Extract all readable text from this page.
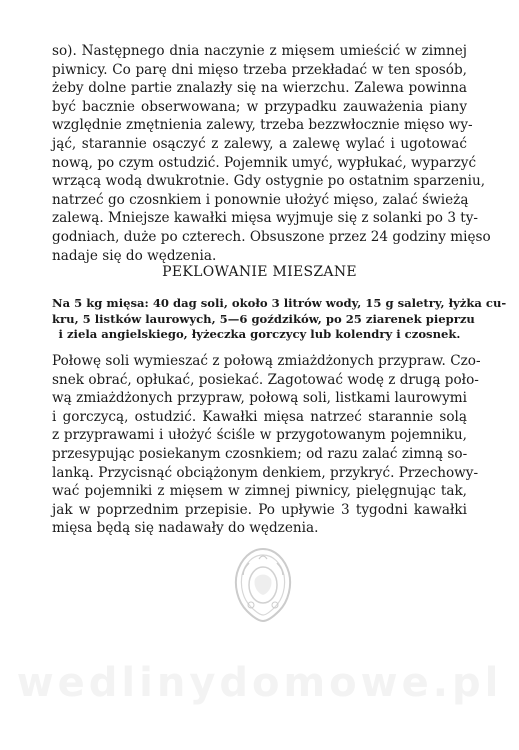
so). Następnego dnia naczynie z mięsem umieścić w zimnej
piwnicy. Co parę dni mięso trzeba przekładać w ten sposób,
żeby dolne partie znalazły się na wierzchu. Zalewa powinna
być bacznie obserwowana; w przypadku zauważenia piany
względnie zmętnienia zalewy, trzeba bezzwłocznie mięso wy-
jąć, starannie osączyć z zalewy, a zalewę wylać i ugotować
nową, po czym ostudzić. Pojemnik umyć, wypłukać, wyparzyć
wrzącą wodą dwukrotnie. Gdy ostygnie po ostatnim sparzeniu,
natrzeć go czosnkiem i ponownie ułożyć mięso, zalać świeżą
zalewą. Mniejsze kawałki mięsa wyjmuje się z solanki po 3 ty-
godniach, duże po czterech. Obsuszone przez 24 godziny mięso
nadaje się do wędzenia.
PEKLOWANIE MIESZANE
Na 5 kg mięsa: 40 dag soli, około 3 litrów wody, 15 g saletry, łyżka cu-
kru, 5 listków laurowych, 5—6 goździków, po 25 ziarenek pieprzu
i ziela angielskiego, łyżeczka gorczycy lub kolendry i czosnek.
Połowę soli wymieszać z połową zmiażdżonych przypraw. Czo-
snek obrać, opłukać, posiekać. Zagotować wodę z drugą poło-
wą zmiażdżonych przypraw, połową soli, listkami laurowymi
i gorczycą, ostudzić. Kawałki mięsa natrzeć starannie solą
z przyprawami i ułożyć ściśle w przygotowanym pojemniku,
przesypując posiekanym czosnkiem; od razu zalać zimną so-
lanką. Przycisnąć obciążonym denkiem, przykryć. Przechowy-
wać pojemniki z mięsem w zimnej piwnicy, pielęgnując tak,
jak w poprzednim przepisie. Po upływie 3 tygodni kawałki
mięsa będą się nadawały do wędzenia.
wedlinydomowe.pl
